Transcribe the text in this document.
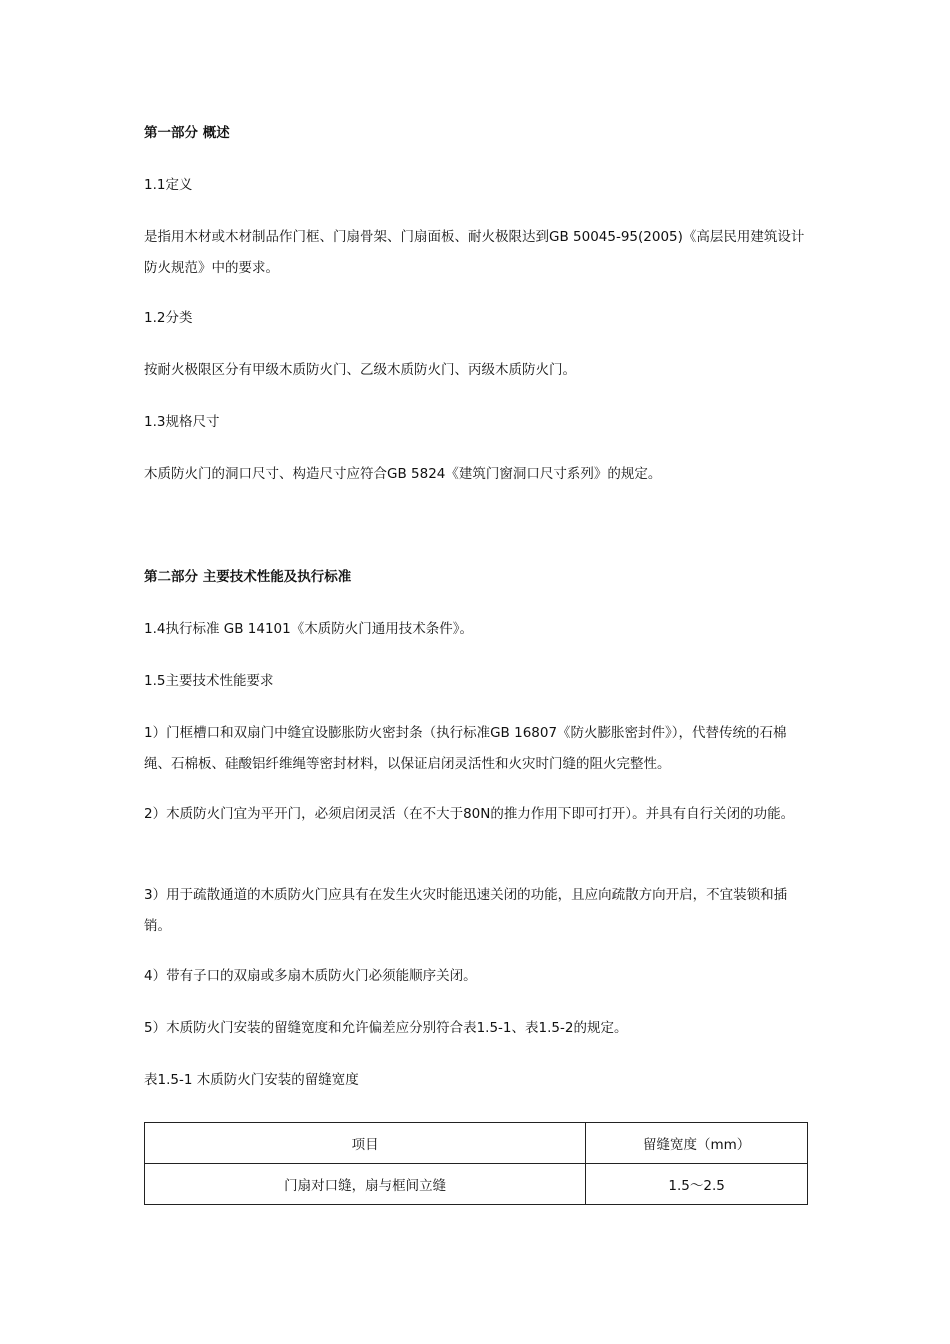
第一部分 概述
1.1定义
是指用木材或木材制品作门框、门扇骨架、门扇面板、耐火极限达到GB 50045-95(2005)《高层民用建筑设计防火规范》中的要求。
1.2分类
按耐火极限区分有甲级木质防火门、乙级木质防火门、丙级木质防火门。
1.3规格尺寸
木质防火门的洞口尺寸、构造尺寸应符合GB 5824《建筑门窗洞口尺寸系列》的规定。
第二部分 主要技术性能及执行标准
1.4执行标准 GB 14101《木质防火门通用技术条件》。
1.5主要技术性能要求
1）门框槽口和双扇门中缝宜设膨胀防火密封条（执行标准GB 16807《防火膨胀密封件》），代替传统的石棉绳、石棉板、硅酸铝纤维绳等密封材料，以保证启闭灵活性和火灾时门缝的阻火完整性。
2）木质防火门宜为平开门，必须启闭灵活（在不大于80N的推力作用下即可打开）。并具有自行关闭的功能。
3）用于疏散通道的木质防火门应具有在发生火灾时能迅速关闭的功能，且应向疏散方向开启，不宜装锁和插销。
4）带有子口的双扇或多扇木质防火门必须能顺序关闭。
5）木质防火门安装的留缝宽度和允许偏差应分别符合表1.5-1、表1.5-2的规定。
表1.5-1 木质防火门安装的留缝宽度
项目	留缝宽度（mm）
门扇对口缝，扇与框间立缝	1.5～2.5
